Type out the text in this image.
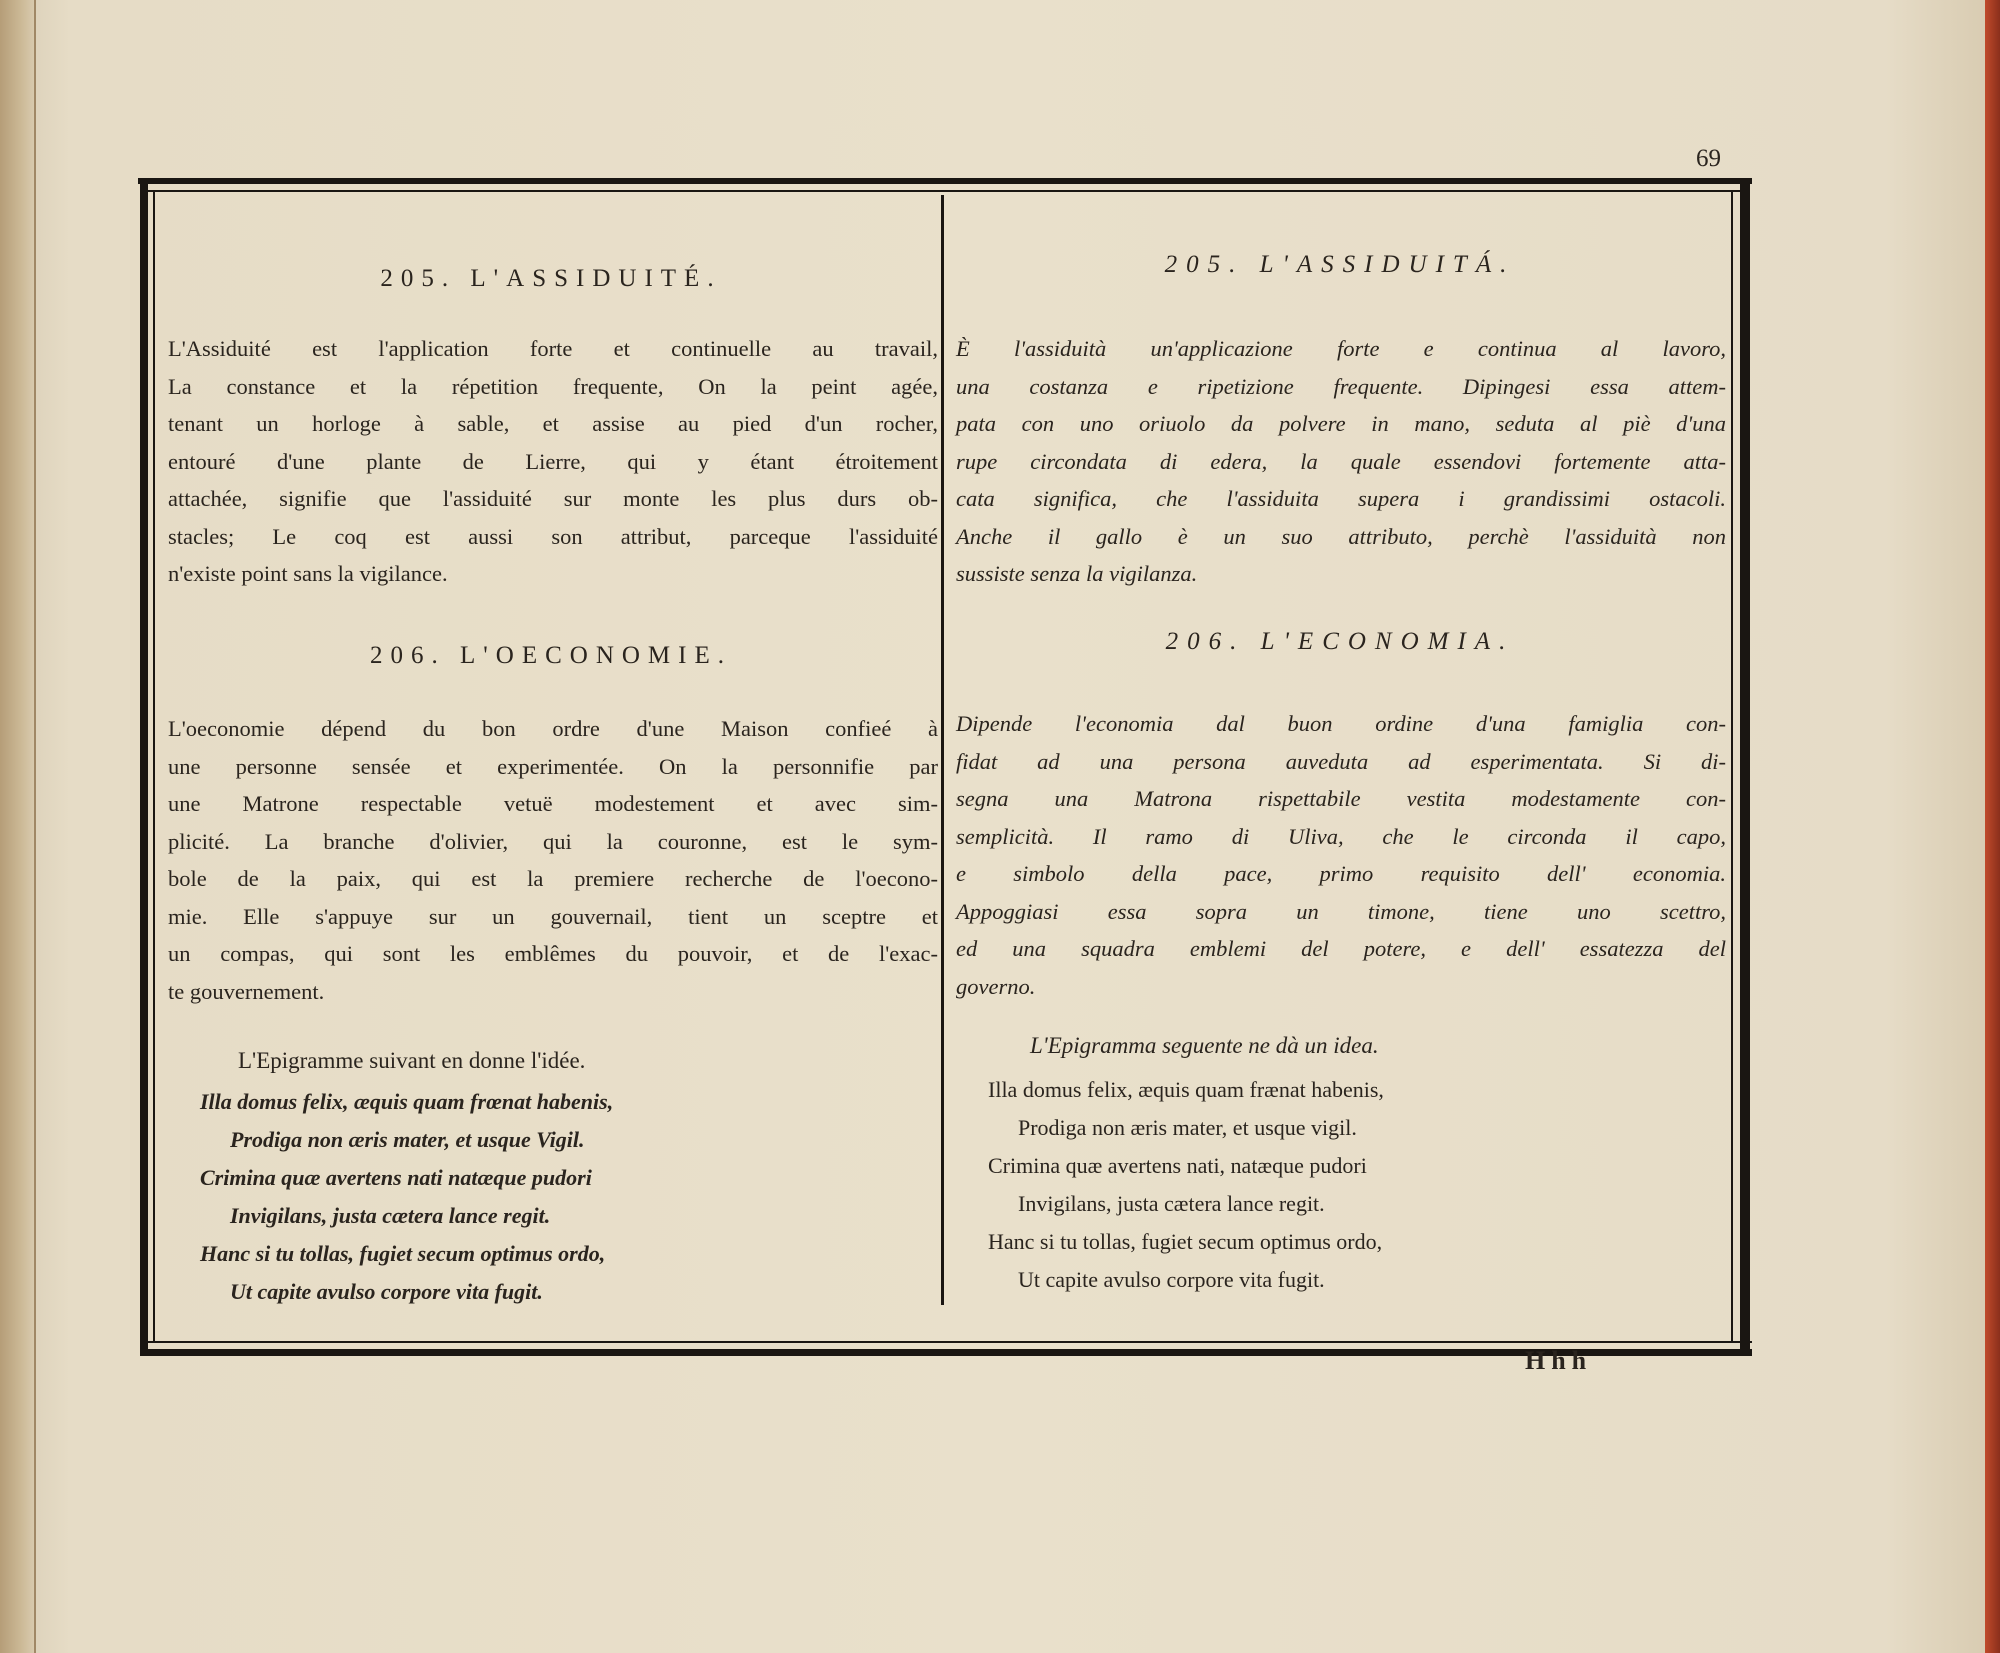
69
205. L'ASSIDUITÉ.
L'Assiduité est l'application forte et continuelle au travail,
La constance et la répetition frequente, On la peint agée,
tenant un horloge à sable, et assise au pied d'un rocher,
entouré d'une plante de Lierre, qui y étant étroitement
attachée, signifie que l'assiduité sur monte les plus durs ob-
stacles; Le coq est aussi son attribut, parceque l'assiduité
n'existe point sans la vigilance.
206. L'OECONOMIE.
L'oeconomie dépend du bon ordre d'une Maison confieé à
une personne sensée et experimentée. On la personnifie par
une Matrone respectable vetuë modestement et avec sim-
plicité. La branche d'olivier, qui la couronne, est le sym-
bole de la paix, qui est la premiere recherche de l'oecono-
mie. Elle s'appuye sur un gouvernail, tient un sceptre et
un compas, qui sont les emblêmes du pouvoir, et de l'exac-
te gouvernement.
L'Epigramme suivant en donne l'idée.
Illa domus felix, æquis quam frœnat habenis,
Prodiga non æris mater, et usque Vigil.
Crimina quæ avertens nati natæque pudori
Invigilans, justa cætera lance regit.
Hanc si tu tollas, fugiet secum optimus ordo,
Ut capite avulso corpore vita fugit.
205. L'ASSIDUITÁ.
È l'assiduità un'applicazione forte e continua al lavoro,
una costanza e ripetizione frequente. Dipingesi essa attem-
pata con uno oriuolo da polvere in mano, seduta al piè d'una
rupe circondata di edera, la quale essendovi fortemente atta-
cata significa, che l'assiduita supera i grandissimi ostacoli.
Anche il gallo è un suo attributo, perchè l'assiduità non
sussiste senza la vigilanza.
206. L'ECONOMIA.
Dipende l'economia dal buon ordine d'una famiglia con-
fidat ad una persona auveduta ad esperimentata. Si di-
segna una Matrona rispettabile vestita modestamente con-
semplicità. Il ramo di Uliva, che le circonda il capo,
e simbolo della pace, primo requisito dell' economia.
Appoggiasi essa sopra un timone, tiene uno scettro,
ed una squadra emblemi del potere, e dell' essatezza del
governo.
L'Epigramma seguente ne dà un idea.
Illa domus felix, æquis quam frænat habenis,
Prodiga non æris mater, et usque vigil.
Crimina quæ avertens nati, natæque pudori
Invigilans, justa cætera lance regit.
Hanc si tu tollas, fugiet secum optimus ordo,
Ut capite avulso corpore vita fugit.
Hhh
